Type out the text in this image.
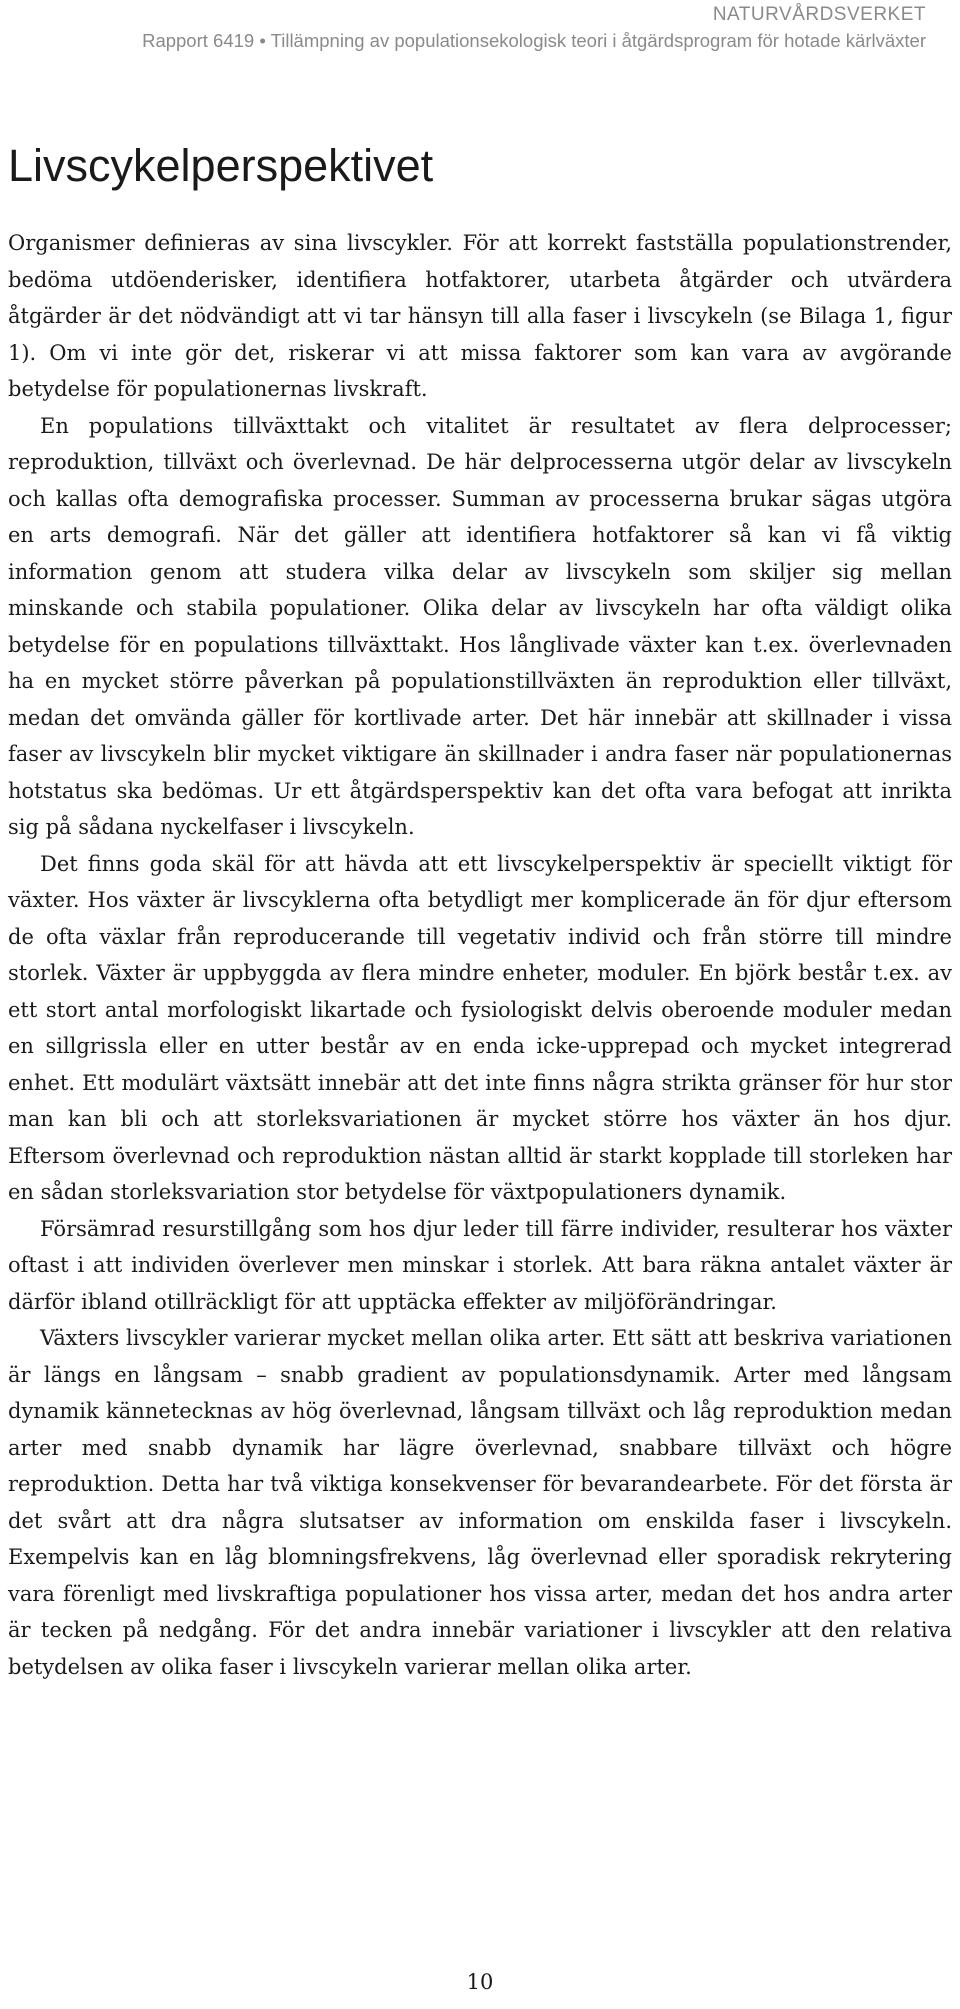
NATURVÅRDSVERKET
Rapport 6419 • Tillämpning av populationsekologisk teori i åtgärdsprogram för hotade kärlväxter
Livscykelperspektivet

Organismer definieras av sina livscykler. För att korrekt fastställa populationstrender, bedöma utdöenderisker, identifiera hotfaktorer, utarbeta åtgärder och utvärdera åtgärder är det nödvändigt att vi tar hänsyn till alla faser i livscykeln (se Bilaga 1, figur 1). Om vi inte gör det, riskerar vi att missa faktorer som kan vara av avgörande betydelse för populationernas livskraft.

En populations tillväxttakt och vitalitet är resultatet av flera delprocesser; reproduktion, tillväxt och överlevnad. De här delprocesserna utgör delar av livscykeln och kallas ofta demografiska processer. Summan av processerna brukar sägas utgöra en arts demografi. När det gäller att identifiera hotfaktorer så kan vi få viktig information genom att studera vilka delar av livscykeln som skiljer sig mellan minskande och stabila populationer. Olika delar av livscykeln har ofta väldigt olika betydelse för en populations tillväxttakt. Hos långlivade växter kan t.ex. överlevnaden ha en mycket större påverkan på populationstillväxten än reproduktion eller tillväxt, medan det omvända gäller för kortlivade arter. Det här innebär att skillnader i vissa faser av livscykeln blir mycket viktigare än skillnader i andra faser när populationernas hotstatus ska bedömas. Ur ett åtgärdsperspektiv kan det ofta vara befogat att inrikta sig på sådana nyckelfaser i livscykeln.

Det finns goda skäl för att hävda att ett livscykelperspektiv är speciellt viktigt för växter. Hos växter är livscyklerna ofta betydligt mer komplicerade än för djur eftersom de ofta växlar från reproducerande till vegetativ individ och från större till mindre storlek. Växter är uppbyggda av flera mindre enheter, moduler. En björk består t.ex. av ett stort antal morfologiskt likartade och fysiologiskt delvis oberoende moduler medan en sillgrissla eller en utter består av en enda icke-upprepad och mycket integrerad enhet. Ett modulärt växtsätt innebär att det inte finns några strikta gränser för hur stor man kan bli och att storleksvariationen är mycket större hos växter än hos djur. Eftersom överlevnad och reproduktion nästan alltid är starkt kopplade till storleken har en sådan storleksvariation stor betydelse för växtpopulationers dynamik.

Försämrad resurstillgång som hos djur leder till färre individer, resulterar hos växter oftast i att individen överlever men minskar i storlek. Att bara räkna antalet växter är därför ibland otillräckligt för att upptäcka effekter av miljöförändringar.

Växters livscykler varierar mycket mellan olika arter. Ett sätt att beskriva variationen är längs en långsam – snabb gradient av populationsdynamik. Arter med långsam dynamik kännetecknas av hög överlevnad, långsam tillväxt och låg reproduktion medan arter med snabb dynamik har lägre överlevnad, snabbare tillväxt och högre reproduktion. Detta har två viktiga konsekvenser för bevarandearbete. För det första är det svårt att dra några slutsatser av information om enskilda faser i livscykeln. Exempelvis kan en låg blomningsfrekvens, låg överlevnad eller sporadisk rekrytering vara förenligt med livskraftiga populationer hos vissa arter, medan det hos andra arter är tecken på nedgång. För det andra innebär variationer i livscykler att den relativa betydelsen av olika faser i livscykeln varierar mellan olika arter.

10
